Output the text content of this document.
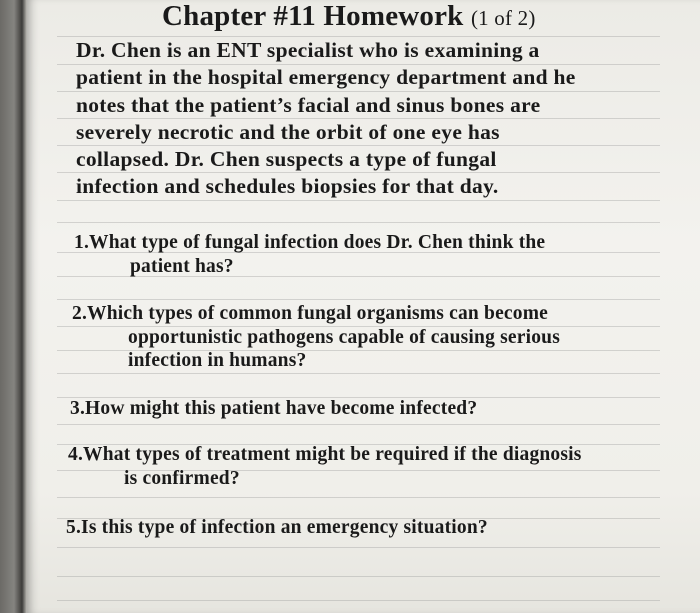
Chapter #11 Homework (1 of 2)
Dr. Chen is an ENT specialist who is examining a
patient in the hospital emergency department and he
notes that the patient’s facial and sinus bones are
severely necrotic and the orbit of one eye has
collapsed. Dr. Chen suspects a type of fungal
infection and schedules biopsies for that day.
1.What type of fungal infection does Dr. Chen think the
patient has?
2.Which types of common fungal organisms can become
opportunistic pathogens capable of causing serious
infection in humans?
3.How might this patient have become infected?
4.What types of treatment might be required if the diagnosis
is confirmed?
5.Is this type of infection an emergency situation?
